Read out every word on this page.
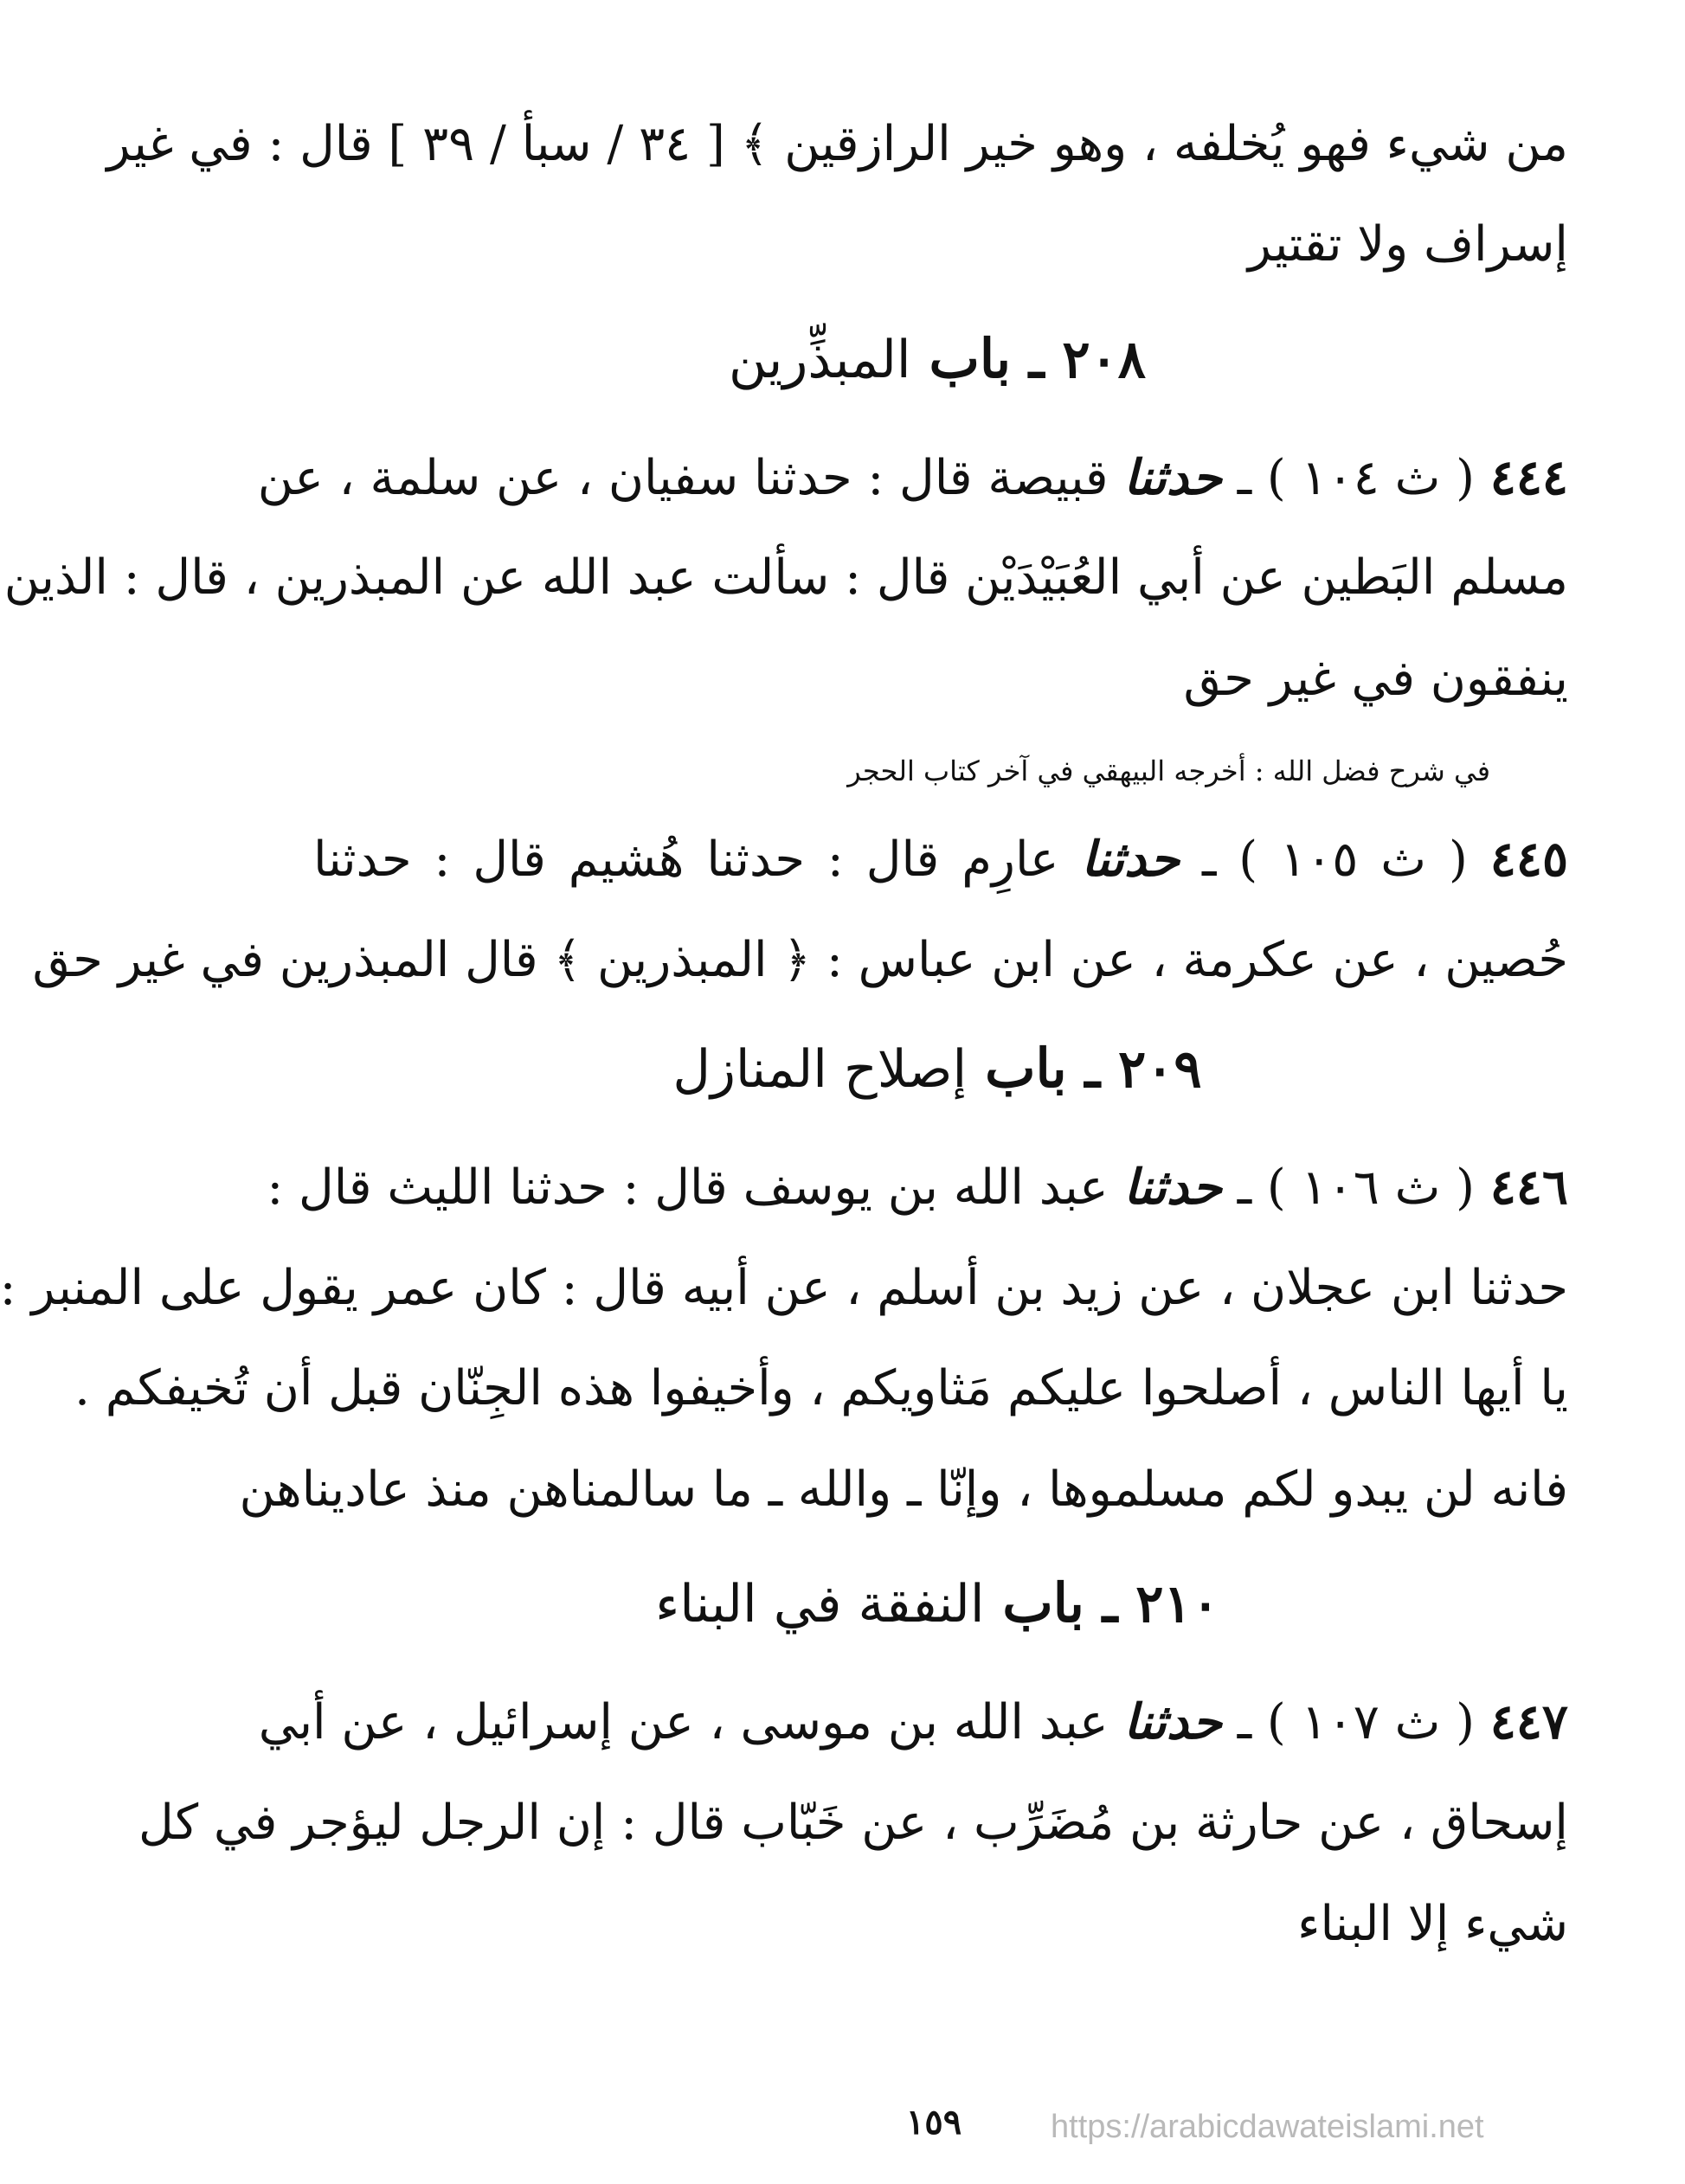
من شيء فهو يُخلفه ، وهو خير الرازقين ﴾ [ ٣٤ / سبأ / ٣٩ ] قال : في غير
إسراف ولا تقتير
٢٠٨ ـ باب المبذِّرين
٤٤٤ ( ث ١٠٤ ) ـ حدثنا قبيصة قال : حدثنا سفيان ، عن سلمة ، عن
مسلم البَطين عن أبي العُبَيْدَيْن قال : سألت عبد الله عن المبذرين ، قال : الذين
ينفقون في غير حق
في شرح فضل الله : أخرجه البيهقي في آخر كتاب الحجر
٤٤٥ ( ث ١٠٥ ) ـ حدثنا عارِم قال : حدثنا هُشيم قال : حدثنا
حُصين ، عن عكرمة ، عن ابن عباس : ﴿ المبذرين ﴾ قال المبذرين في غير حق
٢٠٩ ـ باب إصلاح المنازل
٤٤٦ ( ث ١٠٦ ) ـ حدثنا عبد الله بن يوسف قال : حدثنا الليث قال :
حدثنا ابن عجلان ، عن زيد بن أسلم ، عن أبيه قال : كان عمر يقول على المنبر :
يا أيها الناس ، أصلحوا عليكم مَثاويكم ، وأخيفوا هذه الجِنّان قبل أن تُخيفكم .
فانه لن يبدو لكم مسلموها ، وإنّا ـ والله ـ ما سالمناهن منذ عاديناهن
٢١٠ ـ باب النفقة في البناء
٤٤٧ ( ث ١٠٧ ) ـ حدثنا عبد الله بن موسى ، عن إسرائيل ، عن أبي
إسحاق ، عن حارثة بن مُضَرِّب ، عن خَبّاب قال : إن الرجل ليؤجر في كل
شيء إلا البناء
١٥٩	https://arabicdawateislami.net
